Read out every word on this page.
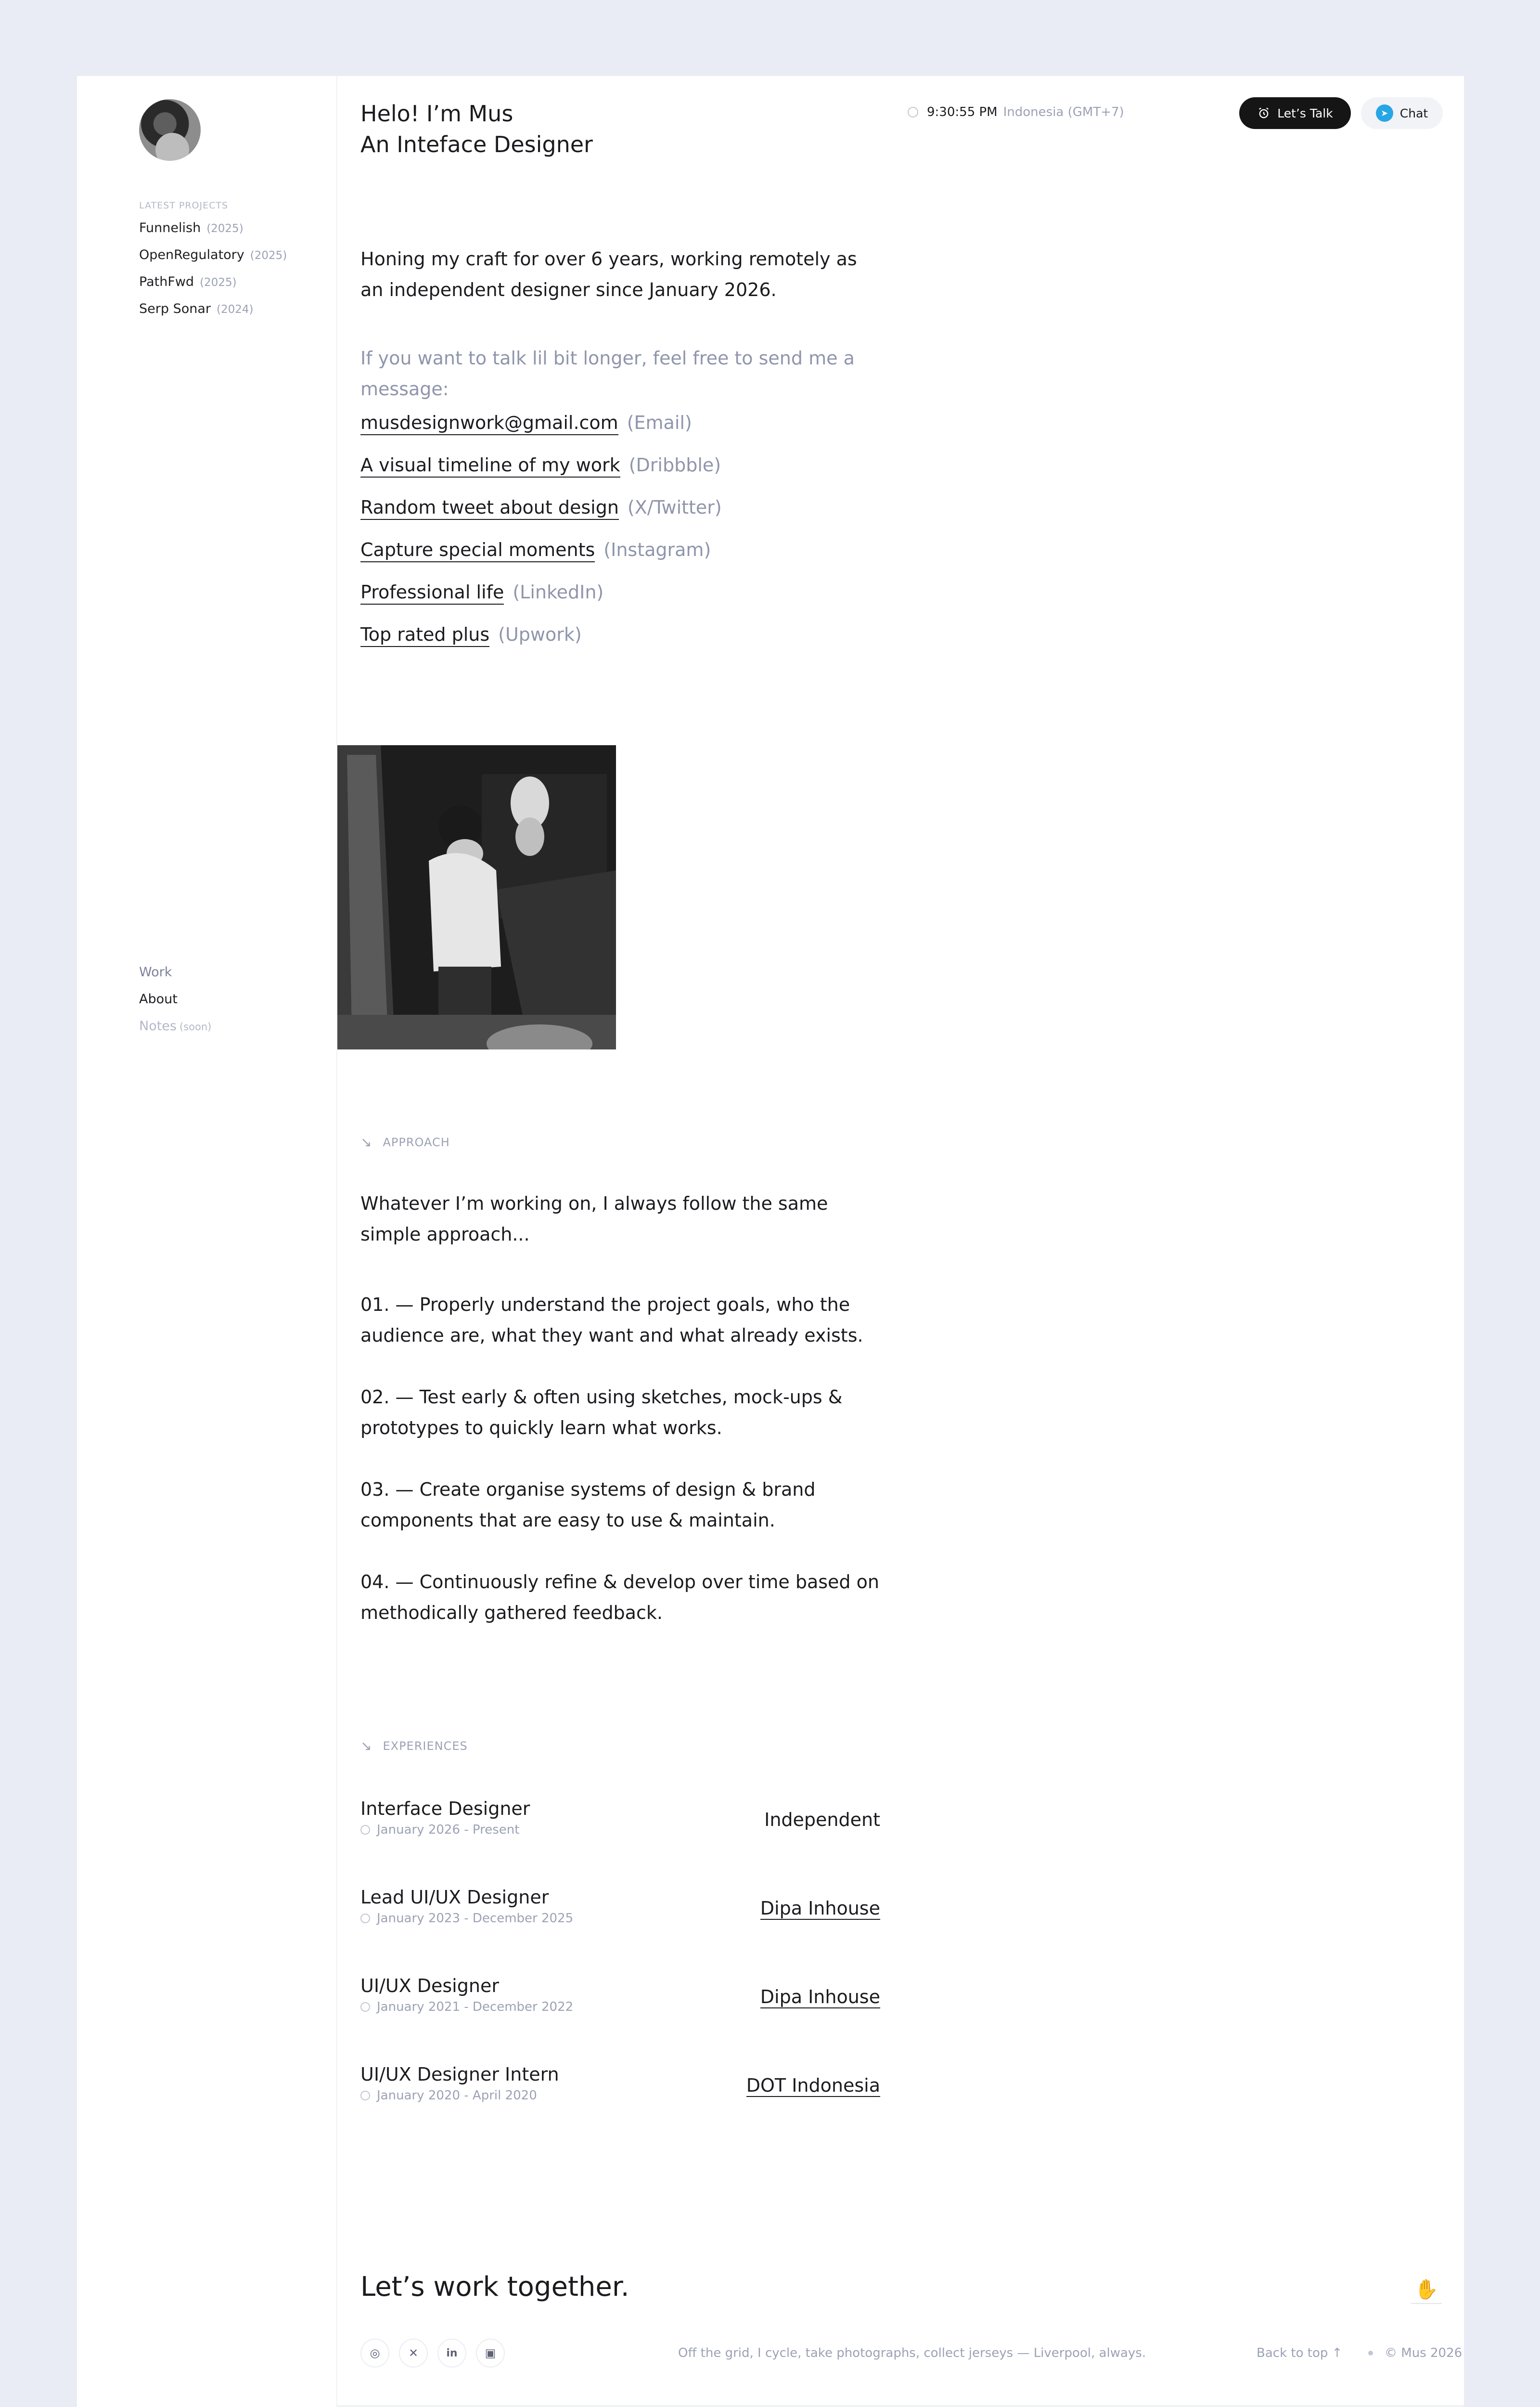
LATEST PROJECTS
Funnelish (2025)
OpenRegulatory (2025)
PathFwd (2025)
Serp Sonar (2024)
Work
About
Notes (soon)
Helo! I’m Mus
An Inteface Designer
9:30:55 PM Indonesia (GMT+7)	Let’s Talk	➤ Chat

Honing my craft for over 6 years, working remotely as an independent designer since January 2026.

If you want to talk lil bit longer, feel free to send me a message:

musdesignwork@gmail.com (Email)
A visual timeline of my work (Dribbble)
Random tweet about design (X/Twitter)
Capture special moments (Instagram)
Professional life (LinkedIn)
Top rated plus (Upwork)
↘ APPROACH

Whatever I’m working on, I always follow the same simple approach...

01. — Properly understand the project goals, who the audience are, what they want and what already exists.
02. — Test early & often using sketches, mock-ups & prototypes to quickly learn what works.
03. — Create organise systems of design & brand components that are easy to use & maintain.
04. — Continuously refine & develop over time based on methodically gathered feedback.
↘ EXPERIENCES
Interface Designer
January 2026 - Present	Independent
Lead UI/UX Designer
January 2023 - December 2025	Dipa Inhouse
UI/UX Designer
January 2021 - December 2022	Dipa Inhouse
UI/UX Designer Intern
January 2020 - April 2020	DOT Indonesia
Let’s work together.	✋
◎	✕	in	▣	Off the grid, I cycle, take photographs, collect jerseys — Liverpool, always.	Back to top ↑	© Mus 2026
